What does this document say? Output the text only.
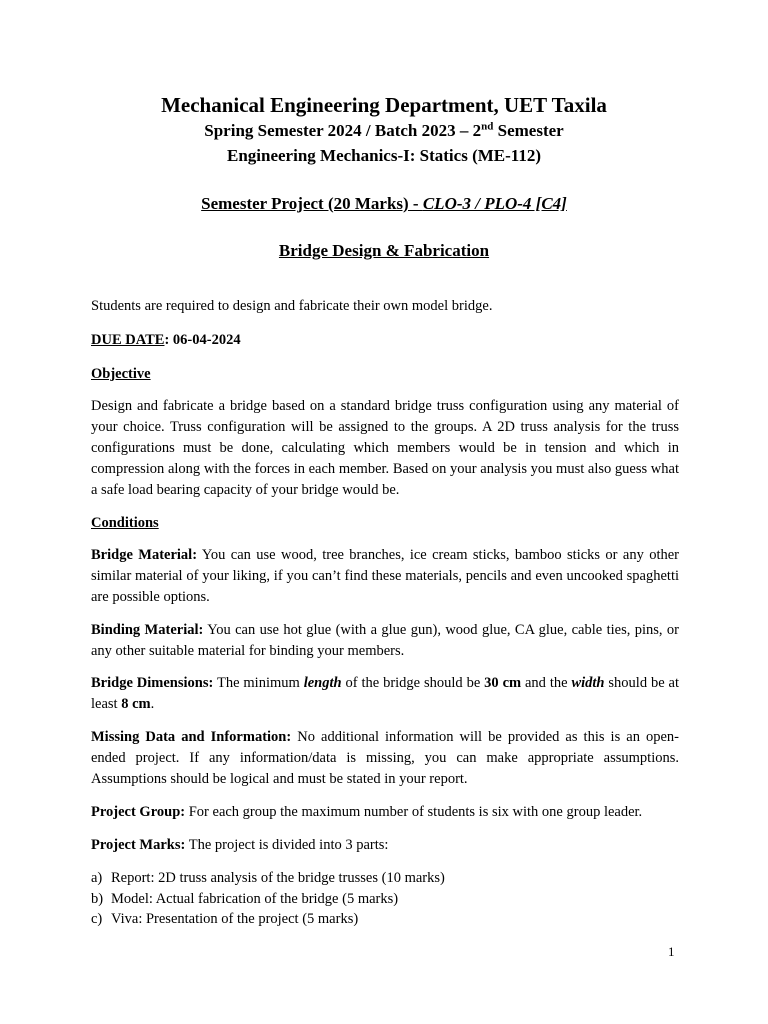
Mechanical Engineering Department, UET Taxila
Spring Semester 2024 / Batch 2023 – 2nd Semester
Engineering Mechanics-I: Statics (ME-112)
Semester Project (20 Marks) - CLO-3 / PLO-4 [C4]
Bridge Design & Fabrication
Students are required to design and fabricate their own model bridge.
DUE DATE: 06-04-2024
Objective
Design and fabricate a bridge based on a standard bridge truss configuration using any material of your choice. Truss configuration will be assigned to the groups. A 2D truss analysis for the truss configurations must be done, calculating which members would be in tension and which in compression along with the forces in each member. Based on your analysis you must also guess what a safe load bearing capacity of your bridge would be.
Conditions
Bridge Material: You can use wood, tree branches, ice cream sticks, bamboo sticks or any other similar material of your liking, if you can’t find these materials, pencils and even uncooked spaghetti are possible options.
Binding Material: You can use hot glue (with a glue gun), wood glue, CA glue, cable ties, pins, or any other suitable material for binding your members.
Bridge Dimensions: The minimum length of the bridge should be 30 cm and the width should be at least 8 cm.
Missing Data and Information: No additional information will be provided as this is an open-ended project. If any information/data is missing, you can make appropriate assumptions. Assumptions should be logical and must be stated in your report.
Project Group: For each group the maximum number of students is six with one group leader.
Project Marks: The project is divided into 3 parts:
a) Report: 2D truss analysis of the bridge trusses (10 marks)
b) Model: Actual fabrication of the bridge (5 marks)
c) Viva: Presentation of the project (5 marks)
1
